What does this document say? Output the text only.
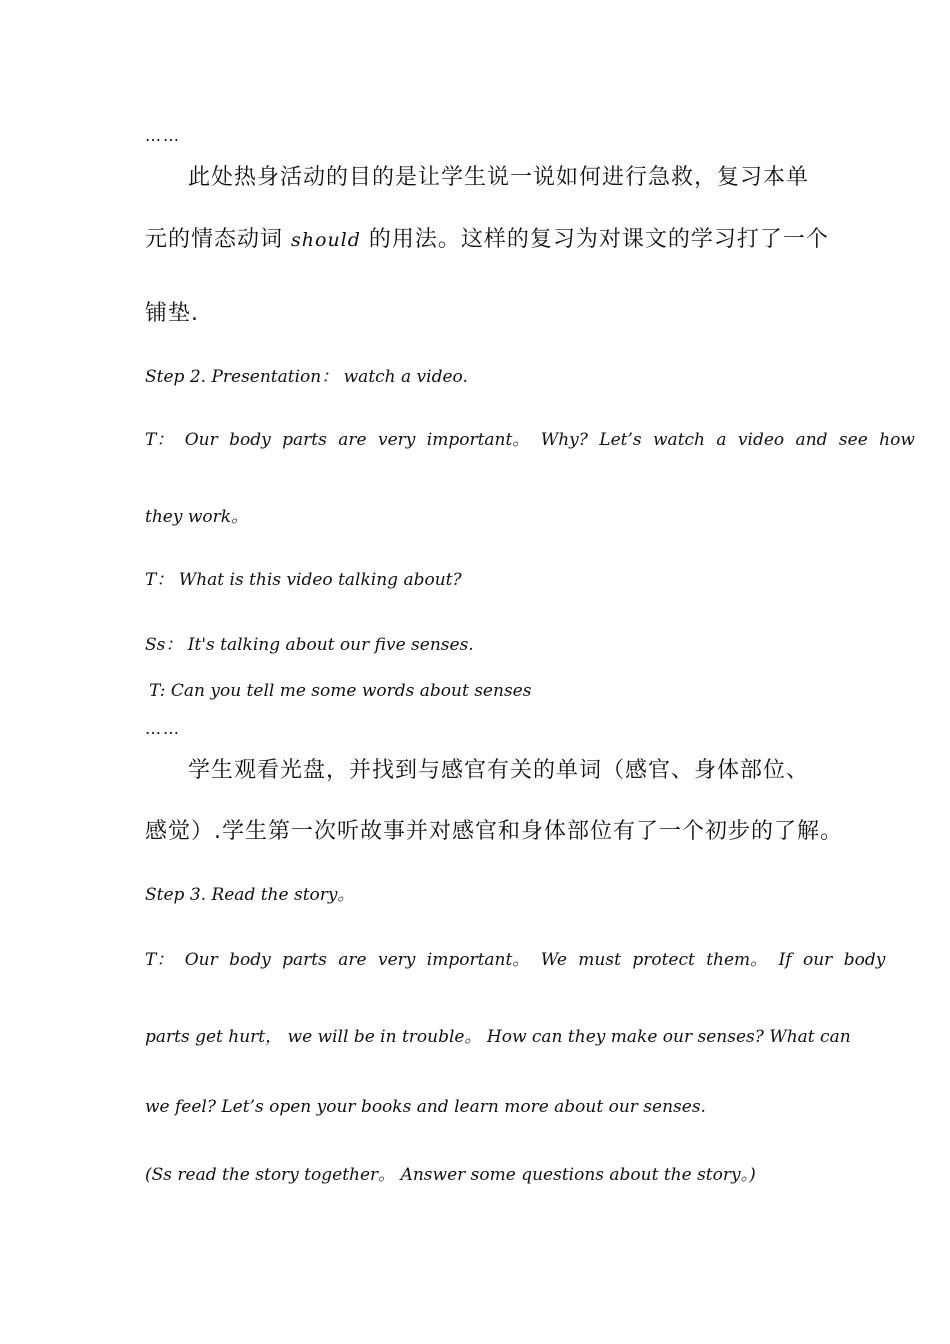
……
此处热身活动的目的是让学生说一说如何进行急救，复习本单
元的情态动词 should 的用法。这样的复习为对课文的学习打了一个
铺垫.
Step 2. Presentation： watch a video.
T： Our body parts are very important。 Why? Let’s watch a video and see how
they work。
T： What is this video talking about?
Ss： It's talking about our five senses.
T: Can you tell me some words about senses
……
学生观看光盘，并找到与感官有关的单词（感官、身体部位、
感觉）.学生第一次听故事并对感官和身体部位有了一个初步的了解。
Step 3. Read the story。
T： Our body parts are very important。 We must protect them。 If our body
parts get hurt， we will be in trouble。 How can they make our senses? What can
we feel? Let’s open your books and learn more about our senses.
(Ss read the story together。 Answer some questions about the story。)
